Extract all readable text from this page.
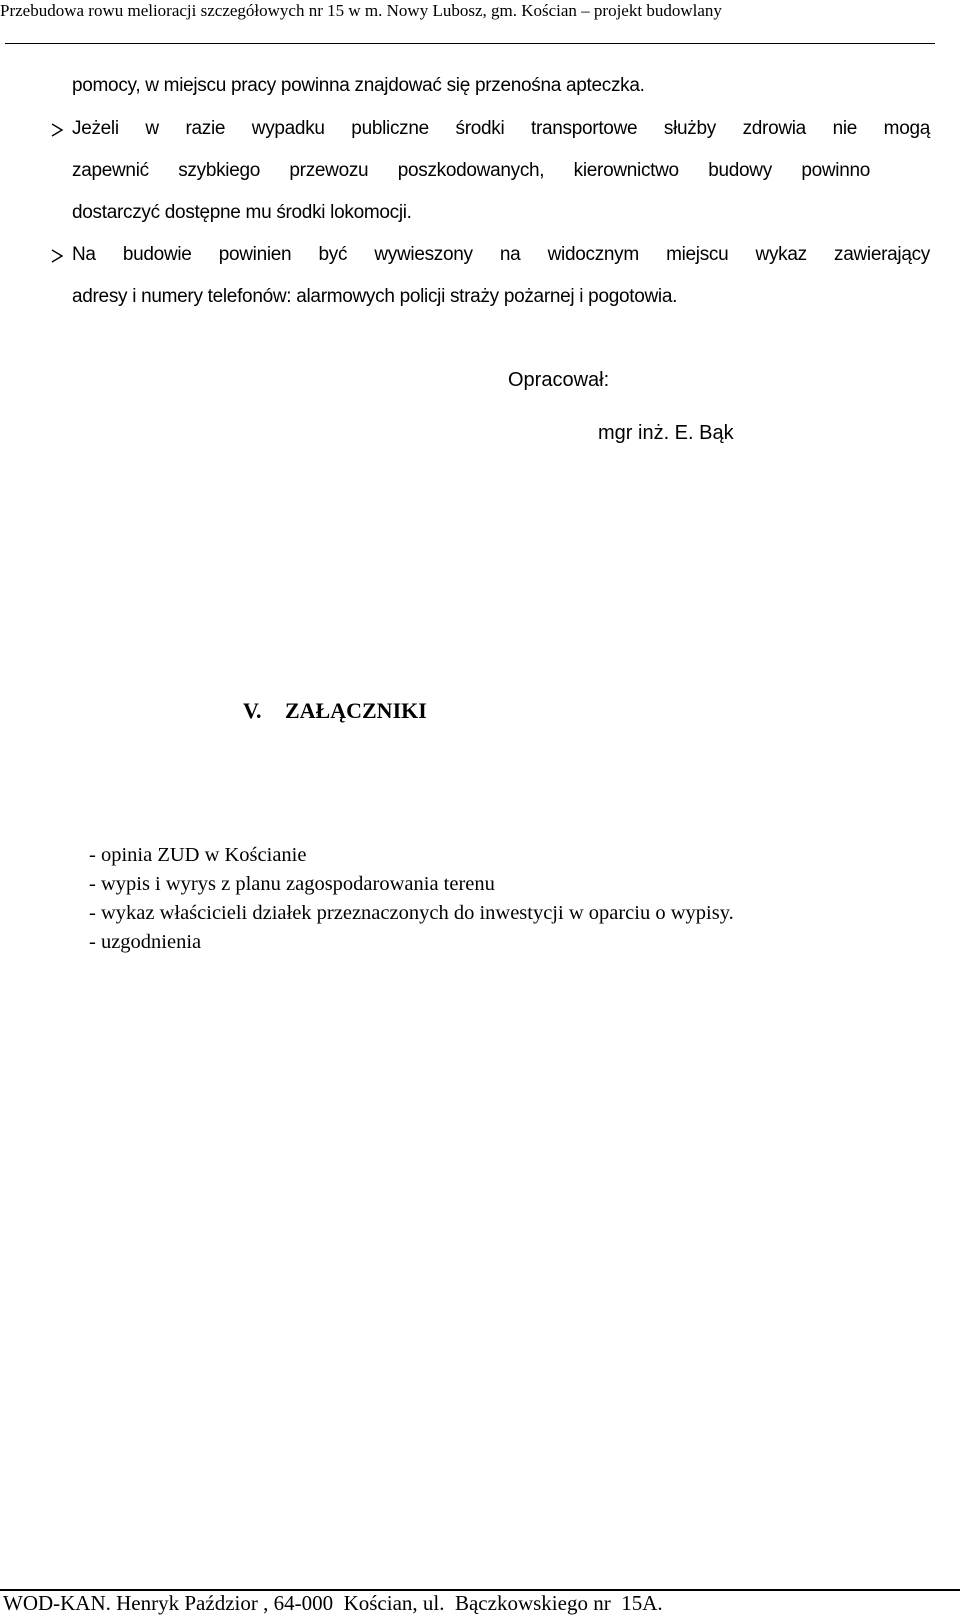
Przebudowa rowu melioracji szczegółowych nr 15 w m. Nowy Lubosz, gm. Kościan – projekt budowlany
pomocy, w miejscu pracy powinna znajdować się przenośna apteczka.
Jeżeli w razie wypadku publiczne środki transportowe służby zdrowia nie mogą
zapewnić szybkiego przewozu poszkodowanych, kierownictwo budowy powinno
dostarczyć dostępne mu środki lokomocji.
Na budowie powinien być wywieszony na widocznym miejscu wykaz zawierający
adresy i numery telefonów: alarmowych policji straży pożarnej i pogotowia.
Opracował:
mgr inż. E. Bąk
V. ZAŁĄCZNIKI
- opinia ZUD w Kościanie
- wypis i wyrys z planu zagospodarowania terenu
- wykaz właścicieli działek przeznaczonych do inwestycji w oparciu o wypisy.
- uzgodnienia
WOD-KAN. Henryk Paździor , 64-000  Kościan, ul.  Bączkowskiego nr  15A.
